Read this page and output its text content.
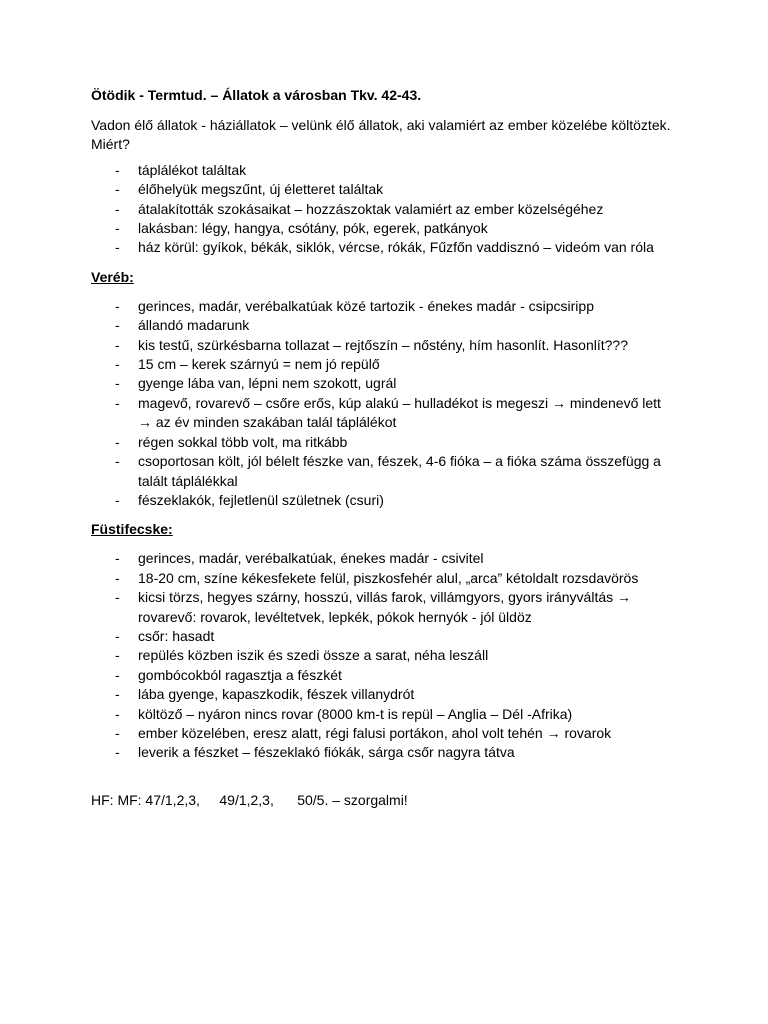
Ötödik - Termtud. – Állatok a városban Tkv. 42-43.
Vadon élő állatok - háziállatok – velünk élő állatok, aki valamiért az ember közelébe költöztek. Miért?
- táplálékot találtak
- élőhelyük megszűnt, új életteret találtak
- átalakították szokásaikat – hozzászoktak valamiért az ember közelségéhez
- lakásban: légy, hangya, csótány, pók, egerek, patkányok
- ház körül: gyíkok, békák, siklók, vércse, rókák, Fűzfőn vaddisznó – videóm van róla
Veréb:
- gerinces, madár, verébalkatúak közé tartozik - énekes madár - csipcsiripp
- állandó madarunk
- kis testű, szürkésbarna tollazat – rejtőszín – nőstény, hím hasonlít. Hasonlít???
- 15 cm – kerek szárnyú = nem jó repülő
- gyenge lába van, lépni nem szokott, ugrál
- magevő, rovarevő – csőre erős, kúp alakú – hulladékot is megeszi → mindenevő lett
→ az év minden szakában talál táplálékot
- régen sokkal több volt, ma ritkább
- csoportosan költ, jól bélelt fészke van, fészek, 4-6 fióka – a fióka száma összefügg a talált táplálékkal
- fészeklakók, fejletlenül születnek (csuri)
Füstifecske:
- gerinces, madár, verébalkatúak, énekes madár - csivitel
- 18-20 cm, színe kékesfekete felül, piszkosfehér alul, „arca” kétoldalt rozsdavörös
- kicsi törzs, hegyes szárny, hosszú, villás farok, villámgyors, gyors irányváltás →
rovarevő: rovarok, levéltetvek, lepkék, pókok hernyók - jól üldöz
- csőr: hasadt
- repülés közben iszik és szedi össze a sarat, néha leszáll
- gombócokból ragasztja a fészkét
- lába gyenge, kapaszkodik, fészek villanydrót
- költöző – nyáron nincs rovar (8000 km-t is repül – Anglia – Dél -Afrika)
- ember közelében, eresz alatt, régi falusi portákon, ahol volt tehén → rovarok
- leverik a fészket – fészeklakó fiókák, sárga csőr nagyra tátva
HF: MF: 47/1,2,3,     49/1,2,3,      50/5. – szorgalmi!
